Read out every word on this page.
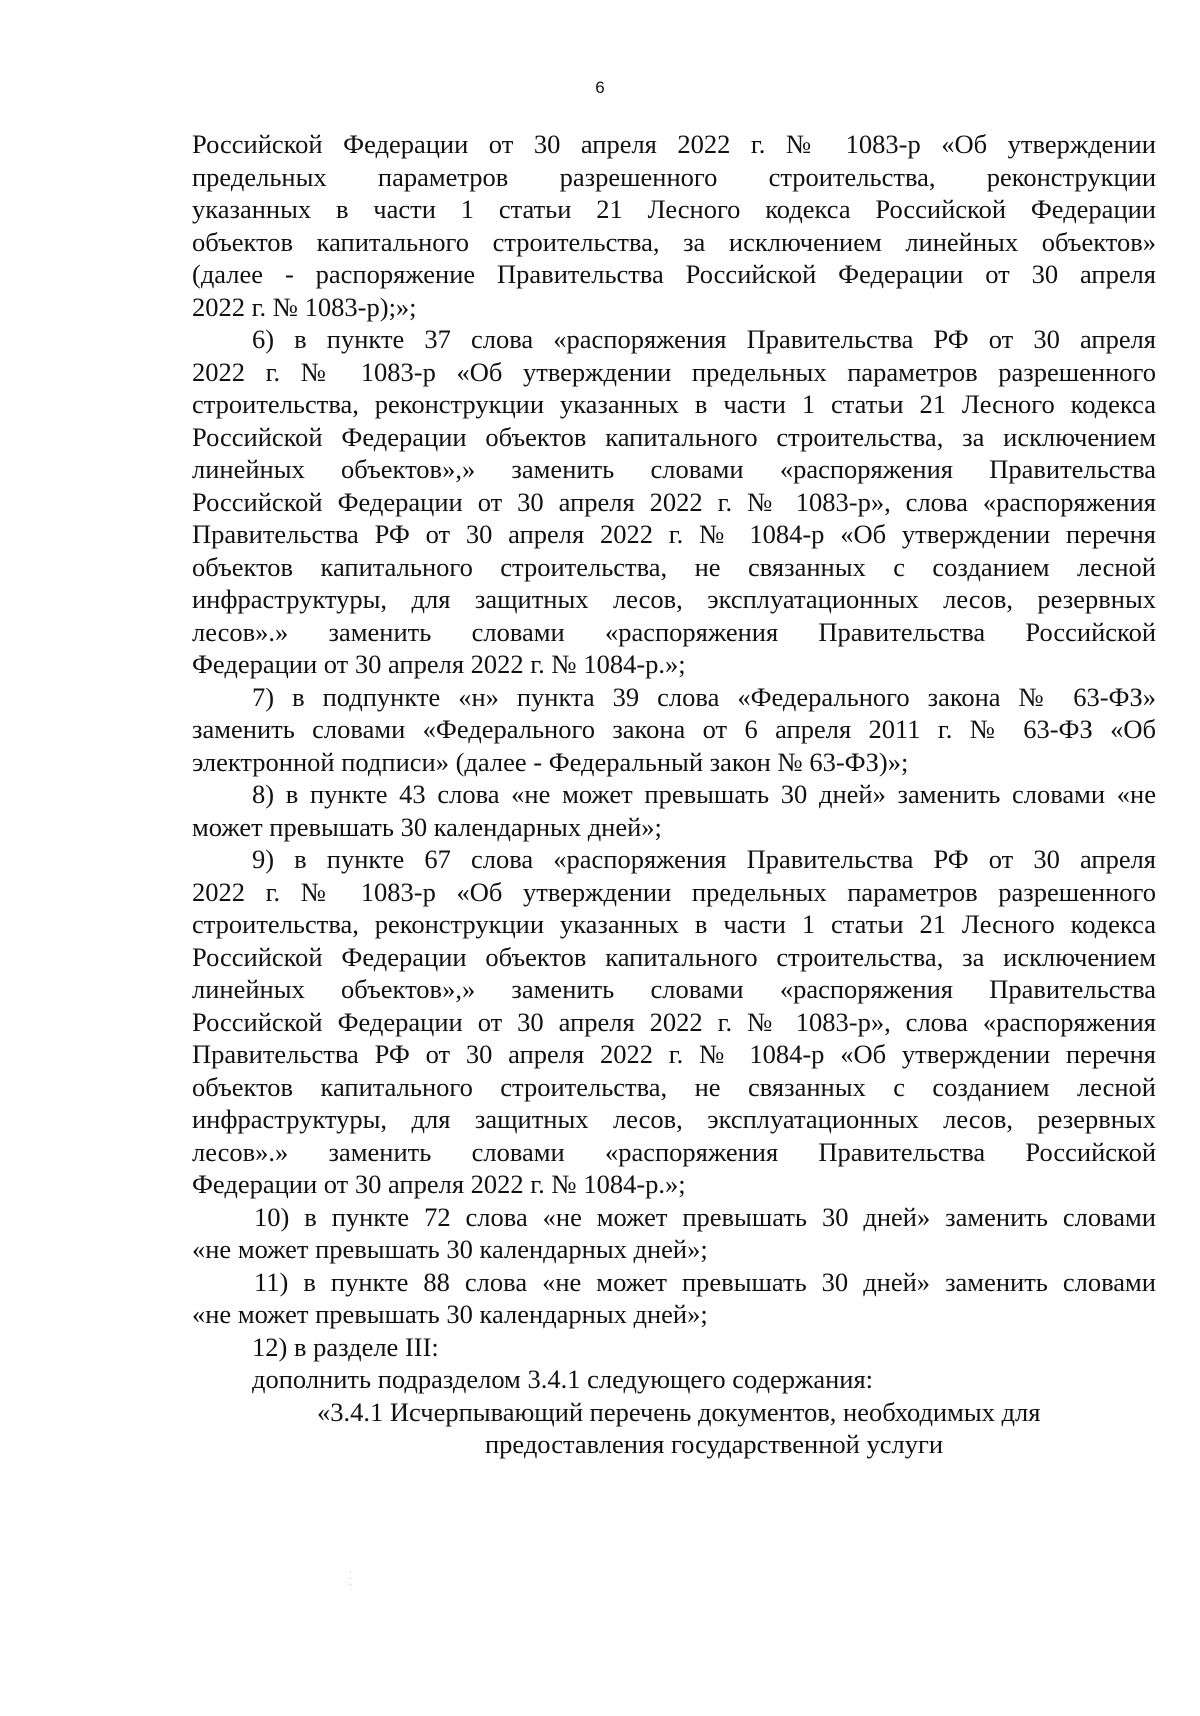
6
Российской Федерации от 30 апреля 2022 г. № 1083-р «Об утверждении
предельных параметров разрешенного строительства, реконструкции
указанных в части 1 статьи 21 Лесного кодекса Российской Федерации
объектов капитального строительства, за исключением линейных объектов»
(далее - распоряжение Правительства Российской Федерации от 30 апреля
2022 г. № 1083-р);»;
6) в пункте 37 слова «распоряжения Правительства РФ от 30 апреля
2022 г. № 1083-р «Об утверждении предельных параметров разрешенного
строительства, реконструкции указанных в части 1 статьи 21 Лесного кодекса
Российской Федерации объектов капитального строительства, за исключением
линейных объектов»,» заменить словами «распоряжения Правительства
Российской Федерации от 30 апреля 2022 г. № 1083-р», слова «распоряжения
Правительства РФ от 30 апреля 2022 г. № 1084-р «Об утверждении перечня
объектов капитального строительства, не связанных с созданием лесной
инфраструктуры, для защитных лесов, эксплуатационных лесов, резервных
лесов».» заменить словами «распоряжения Правительства Российской
Федерации от 30 апреля 2022 г. № 1084-р.»;
7) в подпункте «н» пункта 39 слова «Федерального закона № 63-ФЗ»
заменить словами «Федерального закона от 6 апреля 2011 г. № 63-ФЗ «Об
электронной подписи» (далее - Федеральный закон № 63-ФЗ)»;
8) в пункте 43 слова «не может превышать 30 дней» заменить словами «не
может превышать 30 календарных дней»;
9) в пункте 67 слова «распоряжения Правительства РФ от 30 апреля
2022 г. № 1083-р «Об утверждении предельных параметров разрешенного
строительства, реконструкции указанных в части 1 статьи 21 Лесного кодекса
Российской Федерации объектов капитального строительства, за исключением
линейных объектов»,» заменить словами «распоряжения Правительства
Российской Федерации от 30 апреля 2022 г. № 1083-р», слова «распоряжения
Правительства РФ от 30 апреля 2022 г. № 1084-р «Об утверждении перечня
объектов капитального строительства, не связанных с созданием лесной
инфраструктуры, для защитных лесов, эксплуатационных лесов, резервных
лесов».» заменить словами «распоряжения Правительства Российской
Федерации от 30 апреля 2022 г. № 1084-р.»;
10) в пункте 72 слова «не может превышать 30 дней» заменить словами
«не может превышать 30 календарных дней»;
11) в пункте 88 слова «не может превышать 30 дней» заменить словами
«не может превышать 30 календарных дней»;
12) в разделе III:
дополнить подразделом 3.4.1 следующего содержания:
«3.4.1 Исчерпывающий перечень документов, необходимых для
предоставления государственной услуги
